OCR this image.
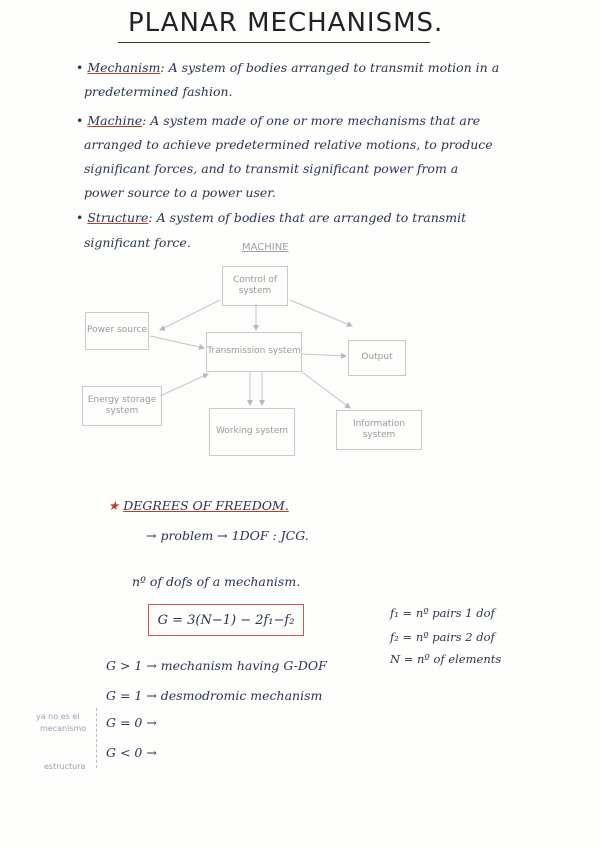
PLANAR MECHANISMS.
• Mechanism: A system of bodies arranged to transmit motion in a
predetermined fashion.
• Machine: A system made of one or more mechanisms that are
arranged to achieve predetermined relative motions, to produce
significant forces, and to transmit significant power from a
power source to a power user.
• Structure: A system of bodies that are arranged to transmit
significant force.	MACHINE
Control of system
Power source
Transmission system
Output
Energy storage system
Working system
Information system
★ DEGREES OF FREEDOM.
→ problem → 1DOF : JCG.
nº of dofs of a mechanism.
G = 3(N−1) − 2f₁−f₂	f₁ = nº pairs 1 dof
f₂ = nº pairs 2 dof
N = nº of elements
G > 1 → mechanism having G-DOF
G = 1 → desmodromic mechanism
G = 0 →
G < 0 →
ya no es el
mecanismo
estructura
